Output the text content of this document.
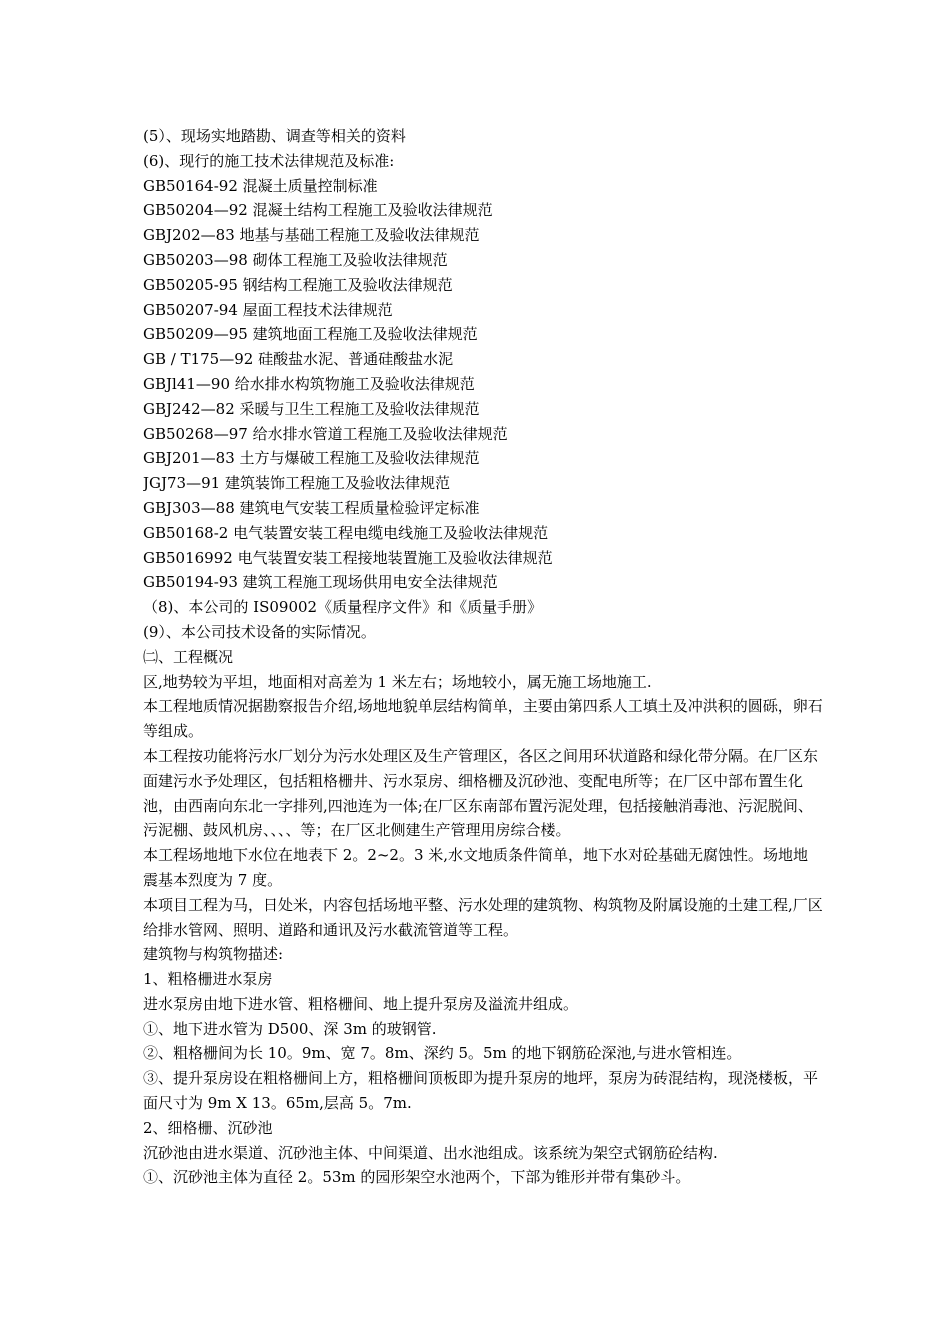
(5）、现场实地踏勘、调查等相关的资料
(6)、现行的施工技术法律规范及标准:
GB50164-92 混凝土质量控制标准
GB50204—92 混凝土结构工程施工及验收法律规范
GBJ202—83 地基与基础工程施工及验收法律规范
GB50203—98 砌体工程施工及验收法律规范
GB50205-95 钢结构工程施工及验收法律规范
GB50207-94 屋面工程技术法律规范
GB50209—95 建筑地面工程施工及验收法律规范
GB / T175—92 硅酸盐水泥、普通硅酸盐水泥
GBJl41—90 给水排水构筑物施工及验收法律规范
GBJ242—82 采暖与卫生工程施工及验收法律规范
GB50268—97 给水排水管道工程施工及验收法律规范
GBJ201—83 土方与爆破工程施工及验收法律规范
JGJ73—91 建筑装饰工程施工及验收法律规范
GBJ303—88 建筑电气安装工程质量检验评定标准
GB50168-2 电气装置安装工程电缆电线施工及验收法律规范
GB5016992 电气装置安装工程接地装置施工及验收法律规范
GB50194-93 建筑工程施工现场供用电安全法律规范
（8)、本公司的 IS09002《质量程序文件》和《质量手册》
(9）、本公司技术设备的实际情况。
㈡、工程概况
区,地势较为平坦，地面相对高差为 1 米左右；场地较小，属无施工场地施工.
本工程地质情况据勘察报告介绍,场地地貌单层结构简单，主要由第四系人工填土及冲洪积的圆砾，卵石等组成。
本工程按功能将污水厂划分为污水处理区及生产管理区，各区之间用环状道路和绿化带分隔。在厂区东面建污水予处理区，包括粗格栅井、污水泵房、细格栅及沉砂池、变配电所等；在厂区中部布置生化池，由西南向东北一字排列,四池连为一体;在厂区东南部布置污泥处理，包括接触消毒池、污泥脱间、污泥棚、鼓风机房、、、、等；在厂区北侧建生产管理用房综合楼。
本工程场地地下水位在地表下 2。2~2。3 米,水文地质条件简单，地下水对砼基础无腐蚀性。场地地震基本烈度为 7 度。
本项目工程为马，日处米，内容包括场地平整、污水处理的建筑物、构筑物及附属设施的土建工程,厂区给排水管网、照明、道路和通讯及污水截流管道等工程。
建筑物与构筑物描述:
1、粗格栅进水泵房
进水泵房由地下进水管、粗格栅间、地上提升泵房及溢流井组成。
①、地下进水管为 D500、深 3m 的玻钢管.
②、粗格栅间为长 10。9m、宽 7。8m、深约 5。5m 的地下钢筋砼深池,与进水管相连。
③、提升泵房设在粗格栅间上方，粗格栅间顶板即为提升泵房的地坪，泵房为砖混结构，现浇楼板，平面尺寸为 9m X 13。65m,层高 5。7m.
2、细格栅、沉砂池
沉砂池由进水渠道、沉砂池主体、中间渠道、出水池组成。该系统为架空式钢筋砼结构.
①、沉砂池主体为直径 2。53m 的园形架空水池两个，下部为锥形并带有集砂斗。
